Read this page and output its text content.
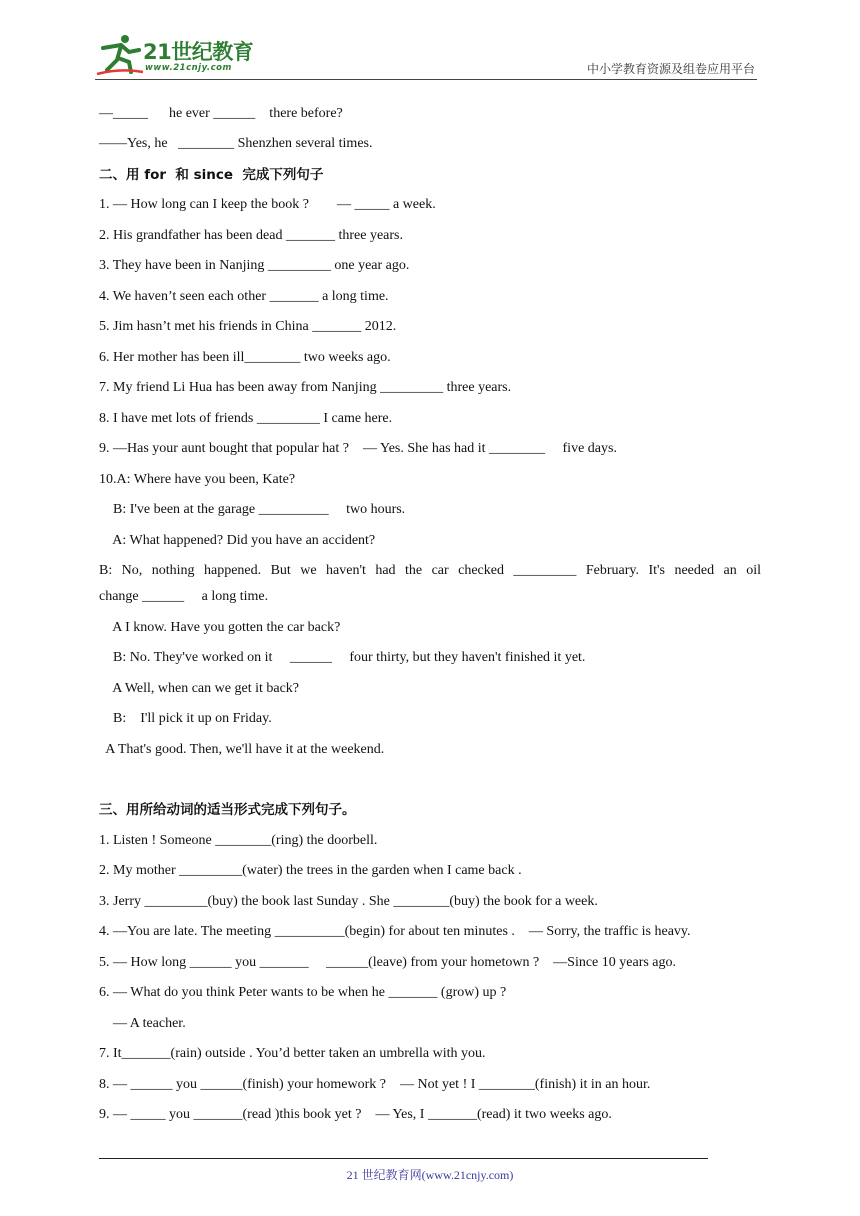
21世纪教育
www.21cnjy.com	中小学教育资源及组卷应用平台
—_____      he ever ______    there before?
——Yes, he   ________ Shenzhen several times.
二、用 for  和 since  完成下列句子
1. — How long can I keep the book ?        — _____ a week.
2. His grandfather has been dead _______ three years.
3. They have been in Nanjing _________ one year ago.
4. We haven’t seen each other _______ a long time.
5. Jim hasn’t met his friends in China _______ 2012.
6. Her mother has been ill________ two weeks ago.
7. My friend Li Hua has been away from Nanjing _________ three years.
8. I have met lots of friends _________ I came here.
9. —Has your aunt bought that popular hat ?    — Yes. She has had it ________     five days.
10.A: Where have you been, Kate?
B: I've been at the garage __________     two hours.
A: What happened? Did you have an accident?
B: No, nothing happened. But we haven't had the car checked _________ February. It's needed an oil
change ______     a long time.
A I know. Have you gotten the car back?
B: No. They've worked on it     ______     four thirty, but they haven't finished it yet.
A Well, when can we get it back?
B:    I'll pick it up on Friday.
A That's good. Then, we'll have it at the weekend.
三、用所给动词的适当形式完成下列句子。
1. Listen ! Someone ________(ring) the doorbell.
2. My mother _________(water) the trees in the garden when I came back .
3. Jerry _________(buy) the book last Sunday . She ________(buy) the book for a week.
4. —You are late. The meeting __________(begin) for about ten minutes .    — Sorry, the traffic is heavy.
5. — How long ______ you _______     ______(leave) from your hometown ?    —Since 10 years ago.
6. — What do you think Peter wants to be when he _______ (grow) up ?
— A teacher.
7. It_______(rain) outside . You’d better taken an umbrella with you.
8. — ______ you ______(finish) your homework ?    — Not yet ! I ________(finish) it in an hour.
9. — _____ you _______(read )this book yet ?    — Yes, I _______(read) it two weeks ago.
21 世纪教育网(www.21cnjy.com)
